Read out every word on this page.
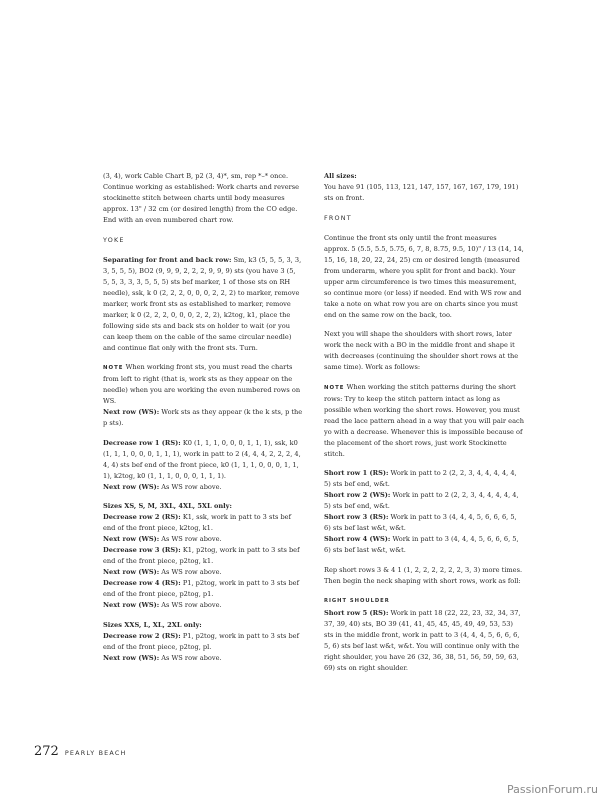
(3, 4), work Cable Chart B, p2 (3, 4)*, sm, rep *–* once. Continue working as established: Work charts and reverse stockinette stitch between charts until body measures approx. 13" / 32 cm (or desired length) from the CO edge. End with an even numbered chart row.

YOKE

Separating for front and back row: Sm, k3 (5, 5, 5, 3, 3, 3, 5, 5, 5), BO2 (9, 9, 9, 2, 2, 2, 9, 9, 9) sts (you have 3 (5, 5, 5, 3, 3, 3, 5, 5, 5) sts bef marker, 1 of those sts on RH needle), ssk, k 0 (2, 2, 2, 0, 0, 0, 2, 2, 2) to marker, remove marker, work front sts as established to marker, remove marker, k 0 (2, 2, 2, 0, 0, 0, 2, 2, 2), k2tog, k1, place the following side sts and back sts on holder to wait (or you can keep them on the cable of the same circular needle) and continue flat only with the front sts. Turn.

NOTE When working front sts, you must read the charts from left to right (that is, work sts as they appear on the needle) when you are working the even numbered rows on WS.

Next row (WS): Work sts as they appear (k the k sts, p the p sts).

Decrease row 1 (RS): K0 (1, 1, 1, 0, 0, 0, 1, 1, 1), ssk, k0 (1, 1, 1, 0, 0, 0, 1, 1, 1), work in patt to 2 (4, 4, 4, 2, 2, 2, 4, 4, 4) sts bef end of the front piece, k0 (1, 1, 1, 0, 0, 0, 1, 1, 1), k2tog, k0 (1, 1, 1, 0, 0, 0, 1, 1, 1).

Next row (WS): As WS row above.

Sizes XS, S, M, 3XL, 4XL, 5XL only:

Decrease row 2 (RS): K1, ssk, work in patt to 3 sts bef end of the front piece, k2tog, k1.

Next row (WS): As WS row above.

Decrease row 3 (RS): K1, p2tog, work in patt to 3 sts bef end of the front piece, p2tog, k1.

Next row (WS): As WS row above.

Decrease row 4 (RS): P1, p2tog, work in patt to 3 sts bef end of the front piece, p2tog, p1.

Next row (WS): As WS row above.

Sizes XXS, L, XL, 2XL only:

Decrease row 2 (RS): P1, p2tog, work in patt to 3 sts bef end of the front piece, p2tog, pl.

Next row (WS): As WS row above.

All sizes:

You have 91 (105, 113, 121, 147, 157, 167, 167, 179, 191) sts on front.

FRONT

Continue the front sts only until the front measures approx. 5 (5.5, 5.5, 5.75, 6, 7, 8, 8.75, 9.5, 10)" / 13 (14, 14, 15, 16, 18, 20, 22, 24, 25) cm or desired length (measured from underarm, where you split for front and back). Your upper arm circumference is two times this measurement, so continue more (or less) if needed. End with WS row and take a note on what row you are on charts since you must end on the same row on the back, too.

Next you will shape the shoulders with short rows, later work the neck with a BO in the middle front and shape it with decreases (continuing the shoulder short rows at the same time). Work as follows:

NOTE When working the stitch patterns during the short rows: Try to keep the stitch pattern intact as long as possible when working the short rows. However, you must read the lace pattern ahead in a way that you will pair each yo with a decrease. Whenever this is impossible because of the placement of the short rows, just work Stockinette stitch.

Short row 1 (RS): Work in patt to 2 (2, 2, 3, 4, 4, 4, 4, 4, 5) sts bef end, w&t.

Short row 2 (WS): Work in patt to 2 (2, 2, 3, 4, 4, 4, 4, 4, 5) sts bef end, w&t.

Short row 3 (RS): Work in patt to 3 (4, 4, 4, 5, 6, 6, 6, 5, 6) sts bef last w&t, w&t.

Short row 4 (WS): Work in patt to 3 (4, 4, 4, 5, 6, 6, 6, 5, 6) sts bef last w&t, w&t.

Rep short rows 3 & 4 1 (1, 2, 2, 2, 2, 2, 2, 3, 3) more times. Then begin the neck shaping with short rows, work as foll:

RIGHT SHOULDER

Short row 5 (RS): Work in patt 18 (22, 22, 23, 32, 34, 37, 37, 39, 40) sts, BO 39 (41, 41, 45, 45, 45, 49, 49, 53, 53) sts in the middle front, work in patt to 3 (4, 4, 4, 5, 6, 6, 6, 5, 6) sts bef last w&t, w&t. You will continue only with the right shoulder, you have 26 (32, 36, 38, 51, 56, 59, 59, 63, 69) sts on right shoulder.

272 PEARLY BEACH
PassionForum.ru
